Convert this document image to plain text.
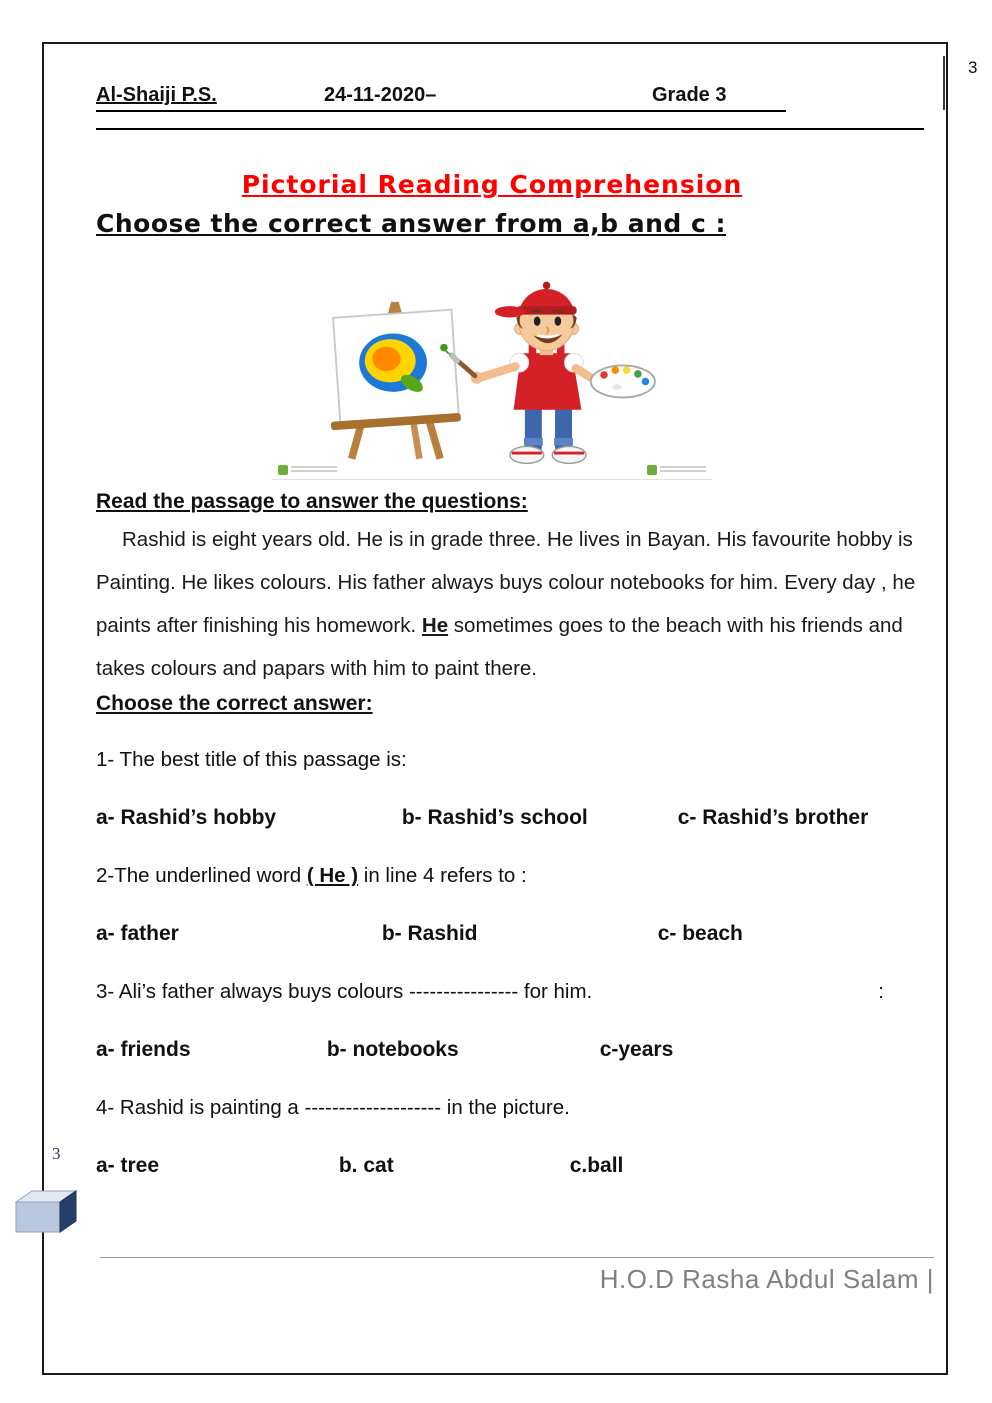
Al-Shaiji P.S.	24-11-2020–	Grade 3
Pictorial Reading Comprehension
Choose the correct answer from a,b and c :
Read the passage to answer the questions:

Rashid is eight years old. He is in grade three. He lives in Bayan. His favourite hobby is Painting. He likes colours. His father always buys colour notebooks for him. Every day , he paints after finishing his homework. He sometimes goes to the beach with his friends and takes colours and papars with him to paint there.

Choose the correct answer:

1- The best title of this passage is:

a- Rashid’s hobby	b- Rashid’s school	c- Rashid’s brother

2-The underlined word ( He ) in line 4 refers to :

a- father	b- Rashid	c- beach

3- Ali’s father always buys colours ---------------- for him.	:

a- friends	b- notebooks	c-years

4- Rashid is painting a -------------------- in the picture.

a- tree	b. cat	c.ball
H.O.D Rasha Abdul Salam |
3
3
